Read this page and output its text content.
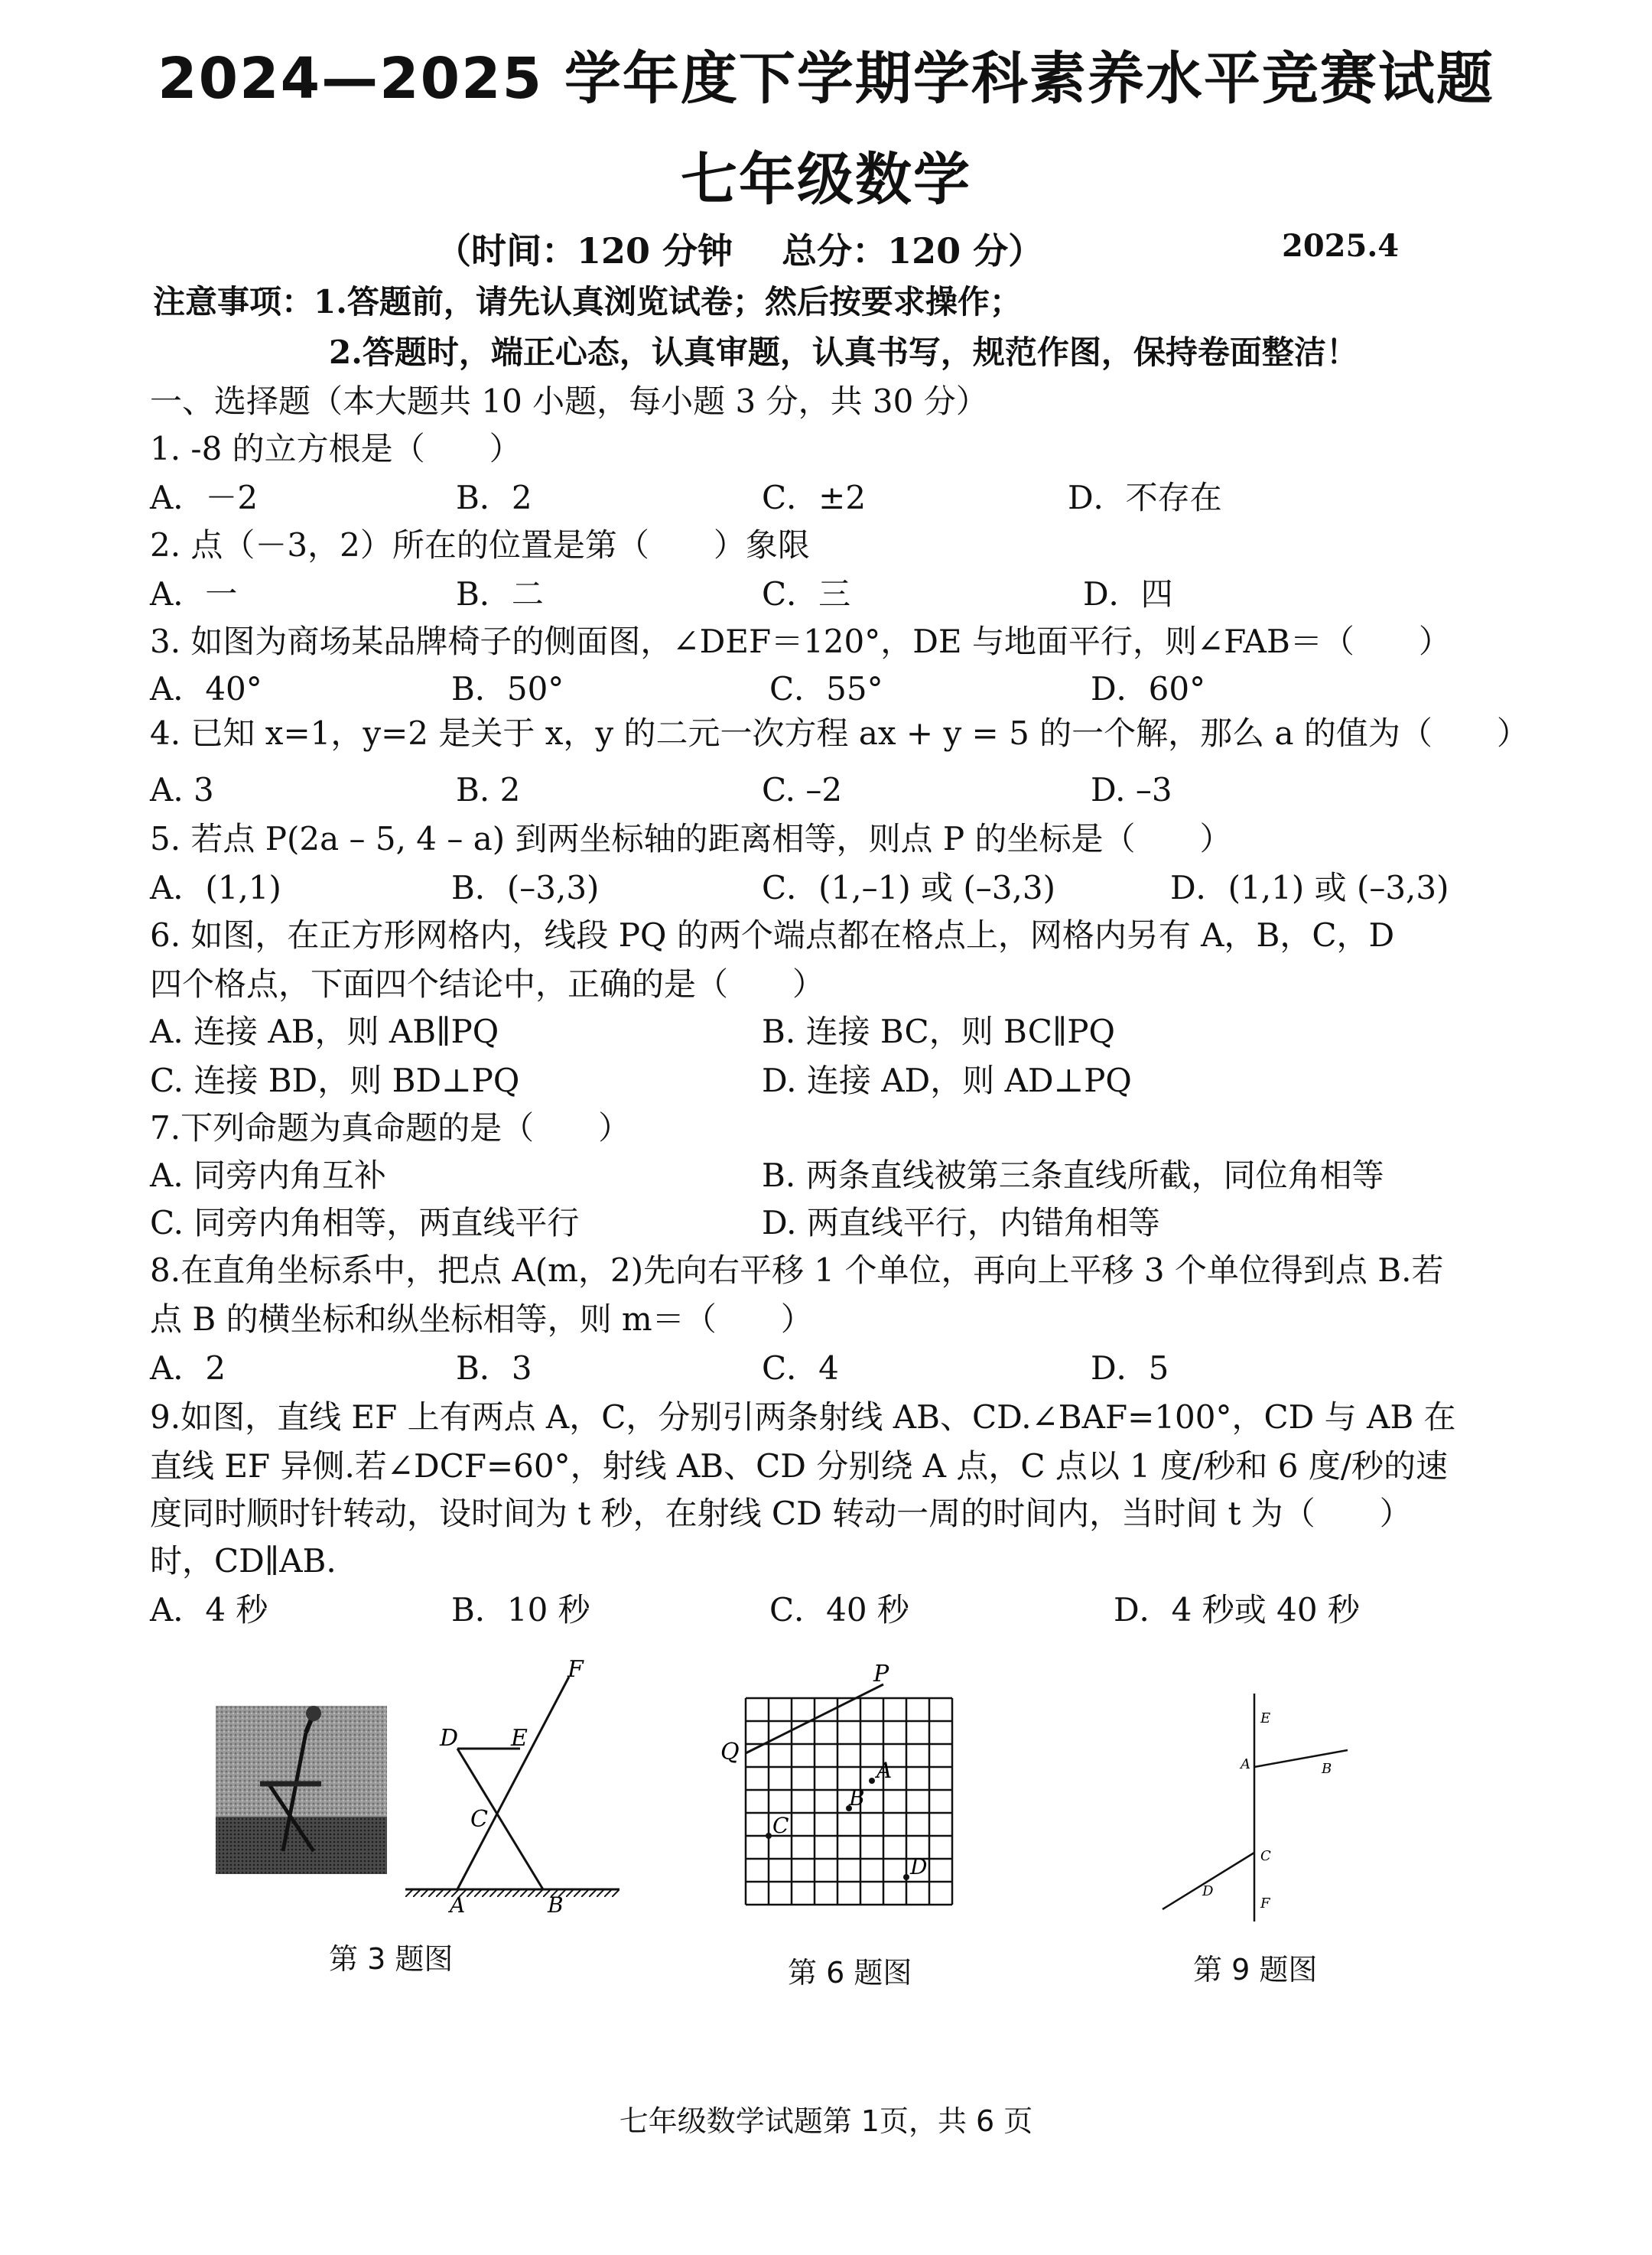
2024—2025 学年度下学期学科素养水平竞赛试题
七年级数学
（时间：120 分钟    总分：120 分）	2025.4
注意事项：1.答题前，请先认真浏览试卷；然后按要求操作；
2.答题时，端正心态，认真审题，认真书写，规范作图，保持卷面整洁！
一、选择题（本大题共 10 小题，每小题 3 分，共 30 分）
1. -8 的立方根是（　　）
A．－2	B．2	C．±2	D．不存在
2. 点（－3，2）所在的位置是第（　　）象限
A．一	B．二	C．三	D．四
3. 如图为商场某品牌椅子的侧面图，∠DEF＝120°，DE 与地面平行，则∠FAB＝（　　）
A．40°	B．50°	C．55°	D．60°
4. 已知 x=1，y=2 是关于 x，y 的二元一次方程 ax + y = 5 的一个解，那么 a 的值为（　　）
A. 3	B. 2	C. –2	D. –3
5. 若点 P(2a – 5, 4 – a) 到两坐标轴的距离相等，则点 P 的坐标是（　　）
A．(1,1)	B．(–3,3)	C．(1,–1) 或 (–3,3)	D．(1,1) 或 (–3,3)
6. 如图，在正方形网格内，线段 PQ 的两个端点都在格点上，网格内另有 A，B，C，D
四个格点，下面四个结论中，正确的是（　　）
A. 连接 AB，则 AB∥PQ	B. 连接 BC，则 BC∥PQ
C. 连接 BD，则 BD⊥PQ	D. 连接 AD，则 AD⊥PQ
7.下列命题为真命题的是（　　）
A. 同旁内角互补	B. 两条直线被第三条直线所截，同位角相等
C. 同旁内角相等，两直线平行	D. 两直线平行，内错角相等
8.在直角坐标系中，把点 A(m，2)先向右平移 1 个单位，再向上平移 3 个单位得到点 B.若
点 B 的横坐标和纵坐标相等，则 m＝（　　）
A．2	B．3	C．4	D．5
9.如图，直线 EF 上有两点 A，C，分别引两条射线 AB、CD.∠BAF=100°，CD 与 AB 在
直线 EF 异侧.若∠DCF=60°，射线 AB、CD 分别绕 A 点，C 点以 1 度/秒和 6 度/秒的速
度同时顺时针转动，设时间为 t 秒，在射线 CD 转动一周的时间内，当时间 t 为（　　）
时，CD∥AB.
A．4 秒	B．10 秒	C．40 秒	D．4 秒或 40 秒
F
D E
C
A	B
第 3 题图
P
Q
A
B
C
D
第 6 题图
E
A	B
C
D
F
第 9 题图
七年级数学试题第 1页，共 6 页
